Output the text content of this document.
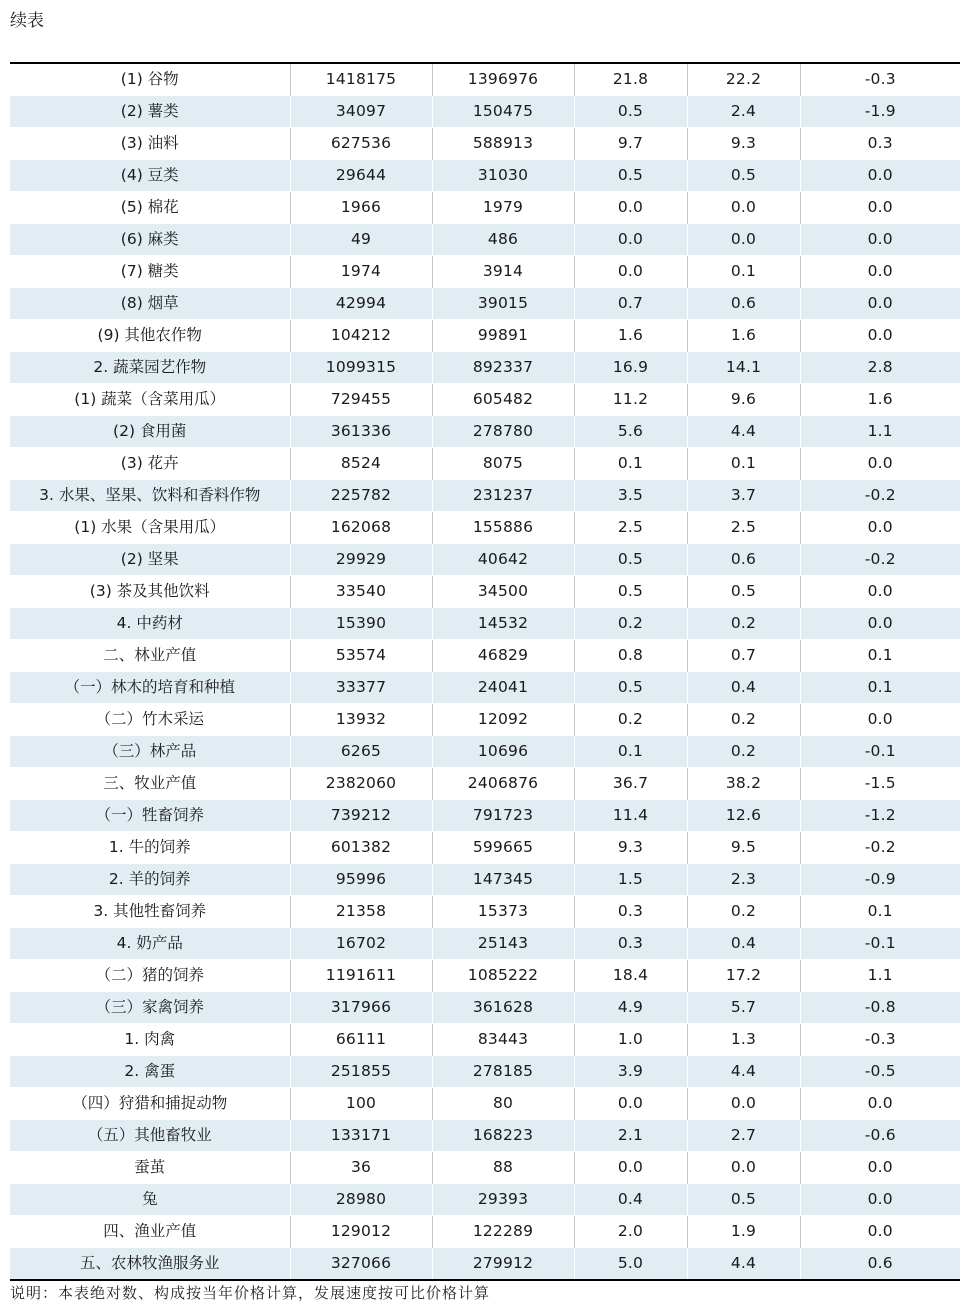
续表
(1) 谷物	1418175	1396976	21.8	22.2	-0.3
(2) 薯类	34097	150475	0.5	2.4	-1.9
(3) 油料	627536	588913	9.7	9.3	0.3
(4) 豆类	29644	31030	0.5	0.5	0.0
(5) 棉花	1966	1979	0.0	0.0	0.0
(6) 麻类	49	486	0.0	0.0	0.0
(7) 糖类	1974	3914	0.0	0.1	0.0
(8) 烟草	42994	39015	0.7	0.6	0.0
(9) 其他农作物	104212	99891	1.6	1.6	0.0
2. 蔬菜园艺作物	1099315	892337	16.9	14.1	2.8
(1) 蔬菜（含菜用瓜）	729455	605482	11.2	9.6	1.6
(2) 食用菌	361336	278780	5.6	4.4	1.1
(3) 花卉	8524	8075	0.1	0.1	0.0
3. 水果、坚果、饮料和香料作物	225782	231237	3.5	3.7	-0.2
(1) 水果（含果用瓜）	162068	155886	2.5	2.5	0.0
(2) 坚果	29929	40642	0.5	0.6	-0.2
(3) 茶及其他饮料	33540	34500	0.5	0.5	0.0
4. 中药材	15390	14532	0.2	0.2	0.0
二、林业产值	53574	46829	0.8	0.7	0.1
（一）林木的培育和种植	33377	24041	0.5	0.4	0.1
（二）竹木采运	13932	12092	0.2	0.2	0.0
（三）林产品	6265	10696	0.1	0.2	-0.1
三、牧业产值	2382060	2406876	36.7	38.2	-1.5
（一）牲畜饲养	739212	791723	11.4	12.6	-1.2
1. 牛的饲养	601382	599665	9.3	9.5	-0.2
2. 羊的饲养	95996	147345	1.5	2.3	-0.9
3. 其他牲畜饲养	21358	15373	0.3	0.2	0.1
4. 奶产品	16702	25143	0.3	0.4	-0.1
（二）猪的饲养	1191611	1085222	18.4	17.2	1.1
（三）家禽饲养	317966	361628	4.9	5.7	-0.8
1. 肉禽	66111	83443	1.0	1.3	-0.3
2. 禽蛋	251855	278185	3.9	4.4	-0.5
（四）狩猎和捕捉动物	100	80	0.0	0.0	0.0
（五）其他畜牧业	133171	168223	2.1	2.7	-0.6
蚕茧	36	88	0.0	0.0	0.0
兔	28980	29393	0.4	0.5	0.0
四、渔业产值	129012	122289	2.0	1.9	0.0
五、农林牧渔服务业	327066	279912	5.0	4.4	0.6
说明：本表绝对数、构成按当年价格计算，发展速度按可比价格计算
